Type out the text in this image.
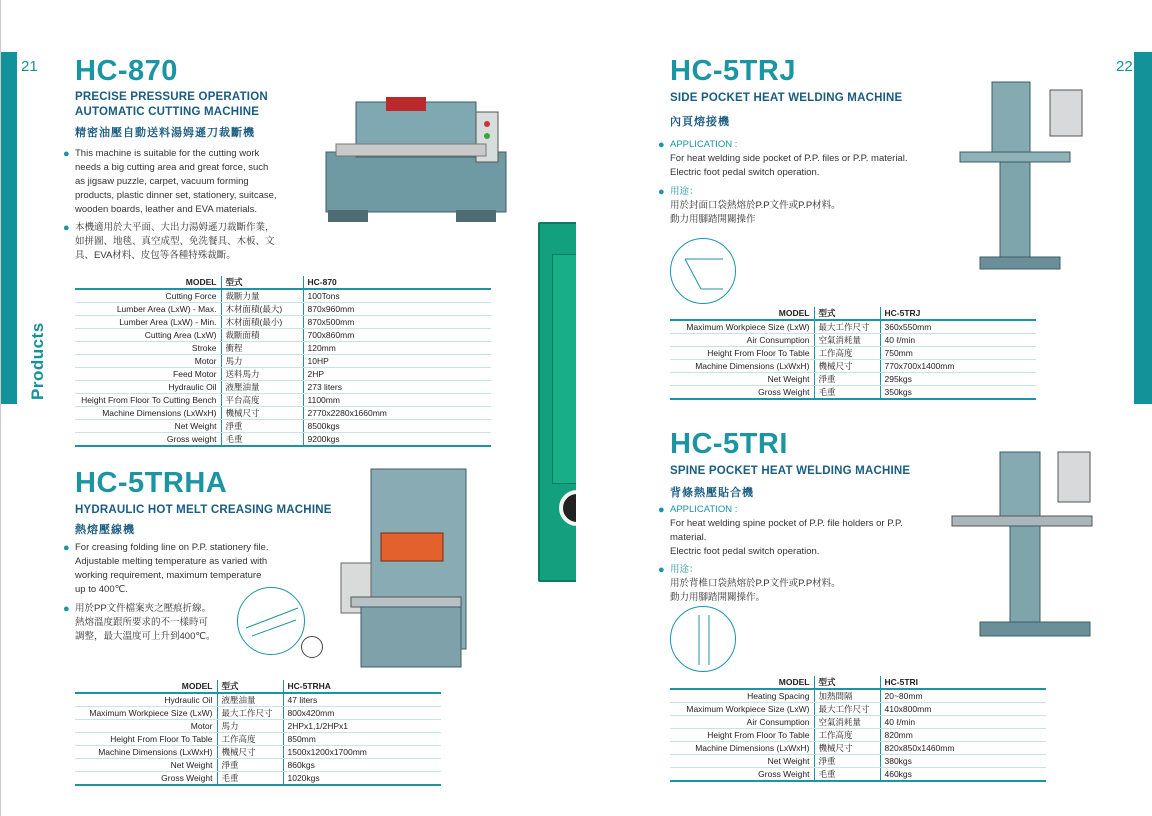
21
Products
HC-870
PRECISE PRESSURE OPERATION
AUTOMATIC CUTTING MACHINE
精密油壓自動送料湯姆遜刀裁斷機
● This machine is suitable for the cutting work
needs a big cutting area and great force, such
as jigsaw puzzle, carpet, vacuum forming
products, plastic dinner set, stationery, suitcase,
wooden boards, leather and EVA materials.
● 本機適用於大平面、大出力湯姆遜刀裁斷作業，
如拼圖、地毯、真空成型、免洗餐具、木板、文
具、EVA材料、皮包等各種特殊裁斷。
MODEL	型式	HC-870
Cutting Force	裁斷力量	100Tons
Lumber Area (LxW) - Max.	木材面積(最大)	870x960mm
Lumber Area (LxW) - Min.	木材面積(最小)	870x500mm
Cutting Area (LxW)	裁斷面積	700x860mm
Stroke	衝程	120mm
Motor	馬力	10HP
Feed Motor	送料馬力	2HP
Hydraulic Oil	液壓油量	273 liters
Height From Floor To Cutting Bench	平台高度	1100mm
Machine Dimensions (LxWxH)	機械尺寸	2770x2280x1660mm
Net Weight	淨重	8500kgs
Gross weight	毛重	9200kgs
HC-5TRHA
HYDRAULIC HOT MELT CREASING MACHINE
熱熔壓線機
● For creasing folding line on P.P. stationery file.
Adjustable melting temperature as varied with
working requirement, maximum temperature
up to 400℃.
● 用於PP文件檔案夾之壓痕折線。
熱熔溫度跟所要求的不一樣時可
調整，最大溫度可上升到400℃。
MODEL	型式	HC-5TRHA
Hydraulic Oil	液壓油量	47 liters
Maximum Workpiece Size (LxW)	最大工作尺寸	800x420mm
Motor	馬力	2HPx1,1/2HPx1
Height From Floor To Table	工作高度	850mm
Machine Dimensions (LxWxH)	機械尺寸	1500x1200x1700mm
Net Weight	淨重	860kgs
Gross Weight	毛重	1020kgs
22
HC-5TRJ
SIDE POCKET HEAT WELDING MACHINE
內頁熔接機
● APPLICATION :
For heat welding side pocket of P.P. files or P.P. material.
Electric foot pedal switch operation.
● 用途：
用於封面口袋熱熔於P.P文件或P.P材料。
動力用腳踏開關操作
MODEL	型式	HC-5TRJ
Maximum Workpiece Size (LxW)	最大工作尺寸	360x550mm
Air Consumption	空氣消耗量	40 ℓ/min
Height From Floor To Table	工作高度	750mm
Machine Dimensions (LxWxH)	機械尺寸	770x700x1400mm
Net Weight	淨重	295kgs
Gross Weight	毛重	350kgs
HC-5TRI
SPINE POCKET HEAT WELDING MACHINE
背條熱壓貼合機
● APPLICATION :
For heat welding spine pocket of P.P. file holders or P.P.
material.
Electric foot pedal switch operation.
● 用途：
用於背椎口袋熱熔於P.P文件或P.P材料。
動力用腳踏開關操作。
MODEL	型式	HC-5TRI
Heating Spacing	加熱間隔	20~80mm
Maximum Workpiece Size (LxW)	最大工作尺寸	410x800mm
Air Consumption	空氣消耗量	40 ℓ/min
Height From Floor To Table	工作高度	820mm
Machine Dimensions (LxWxH)	機械尺寸	820x850x1460mm
Net Weight	淨重	380kgs
Gross Weight	毛重	460kgs
